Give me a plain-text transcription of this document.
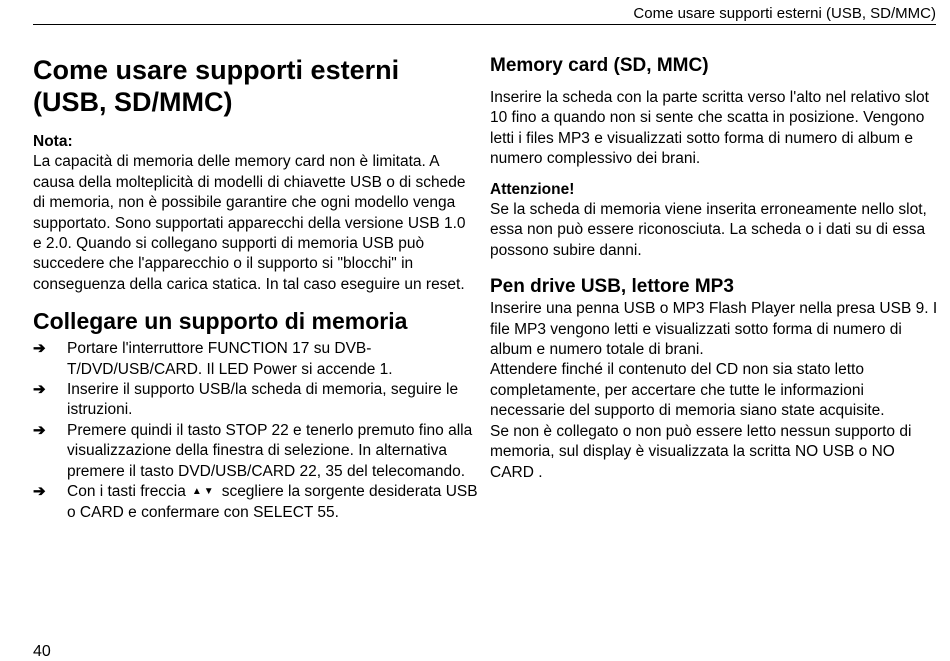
Come usare supporti esterni (USB, SD/MMC)
Come usare supporti esterni
(USB, SD/MMC)

Nota:

La capacità di memoria delle memory card non è limitata. A causa della molteplicità di modelli di chiavette USB o di schede di memoria, non è possibile garantire che ogni modello venga supportato. Sono supportati apparecchi della versione USB 1.0 e 2.0. Quando si collegano supporti di memoria USB può succedere che l'apparecchio o il supporto si "blocchi" in conseguenza della carica statica. In tal caso eseguire un reset.

Collegare un supporto di memoria
➔ Portare l'interruttore FUNCTION 17 su DVB-T/DVD/USB/CARD. Il LED Power si accende 1.
➔ Inserire il supporto USB/la scheda di memoria, seguire le istruzioni.
➔ Premere quindi il tasto STOP 22 e tenerlo premuto fino alla visualizzazione della finestra di selezione. In alternativa premere il tasto DVD/USB/CARD 22, 35 del telecomando.
➔ Con i tasti freccia ▲▼ scegliere la sorgente desiderata USB o CARD e confermare con SELECT 55.
Memory card (SD, MMC)

Inserire la scheda con la parte scritta verso l'alto nel relativo slot 10 fino a quando non si sente che scatta in posizione. Vengono letti i files MP3 e visualizzati sotto forma di numero di album e numero complessivo dei brani.

Attenzione!

Se la scheda di memoria viene inserita erroneamente nello slot, essa non può essere riconosciuta. La scheda o i dati su di essa possono subire danni.

Pen drive USB, lettore MP3

Inserire una penna USB o MP3 Flash Player nella presa USB 9. I file MP3 vengono letti e visualizzati sotto forma di numero di album e numero totale di brani.

Attendere finché il contenuto del CD non sia stato letto completamente, per accertare che tutte le informazioni necessarie del supporto di memoria siano state acquisite.

Se non è collegato o non può essere letto nessun supporto di memoria, sul display è visualizzata la scritta NO USB o NO CARD .

40
